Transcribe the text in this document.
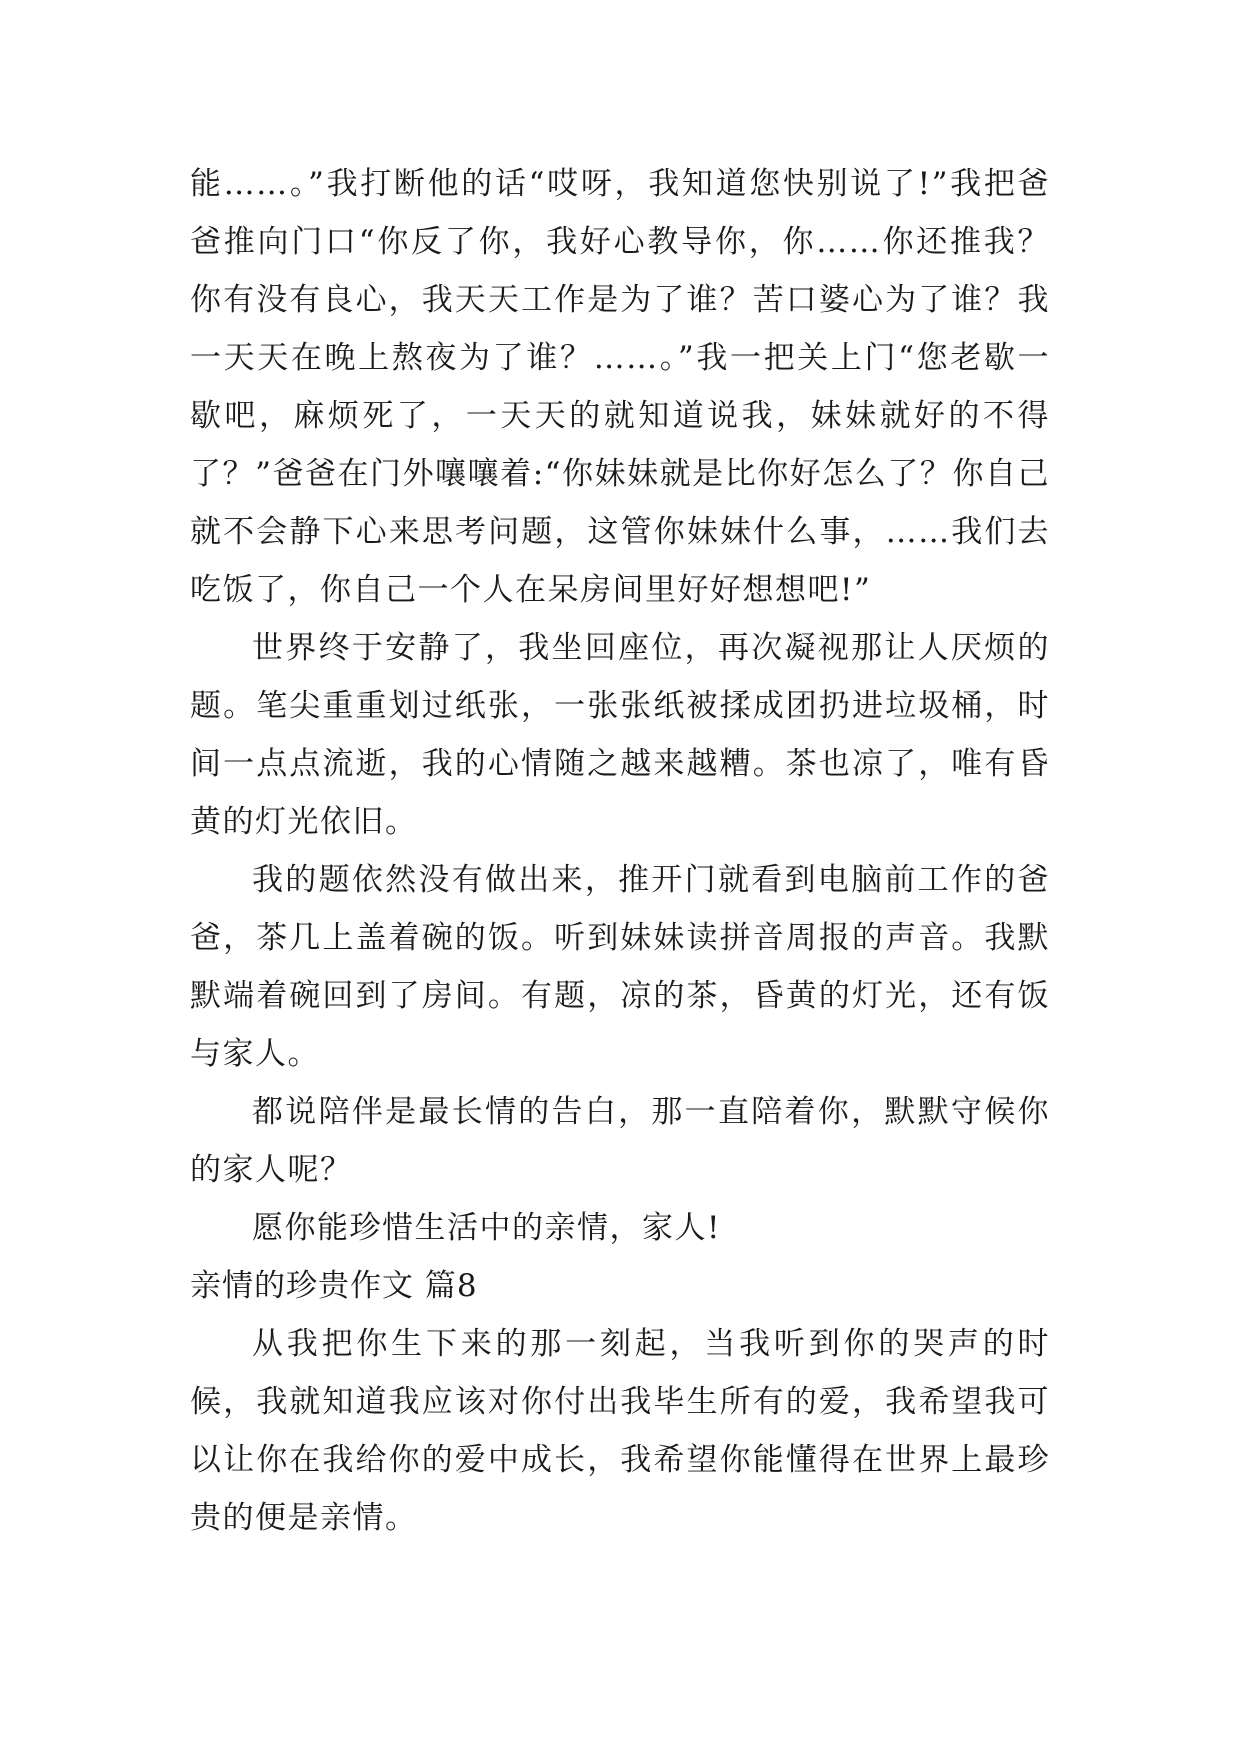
能……。”我打断他的话“哎呀，我知道您快别说了!”我把爸爸推向门口“你反了你，我好心教导你，你……你还推我？你有没有良心，我天天工作是为了谁？苦口婆心为了谁？我一天天在晚上熬夜为了谁？……。”我一把关上门“您老歇一歇吧，麻烦死了，一天天的就知道说我，妹妹就好的不得了？”爸爸在门外嚷嚷着:“你妹妹就是比你好怎么了？你自己就不会静下心来思考问题，这管你妹妹什么事，……我们去吃饭了，你自己一个人在呆房间里好好想想吧!”

世界终于安静了，我坐回座位，再次凝视那让人厌烦的题。笔尖重重划过纸张，一张张纸被揉成团扔进垃圾桶，时间一点点流逝，我的心情随之越来越糟。茶也凉了，唯有昏黄的灯光依旧。

我的题依然没有做出来，推开门就看到电脑前工作的爸爸，茶几上盖着碗的饭。听到妹妹读拼音周报的声音。我默默端着碗回到了房间。有题，凉的茶，昏黄的灯光，还有饭与家人。

都说陪伴是最长情的告白，那一直陪着你，默默守候你的家人呢？

愿你能珍惜生活中的亲情，家人!

亲情的珍贵作文 篇8

从我把你生下来的那一刻起，当我听到你的哭声的时候，我就知道我应该对你付出我毕生所有的爱，我希望我可以让你在我给你的爱中成长，我希望你能懂得在世界上最珍贵的便是亲情。
